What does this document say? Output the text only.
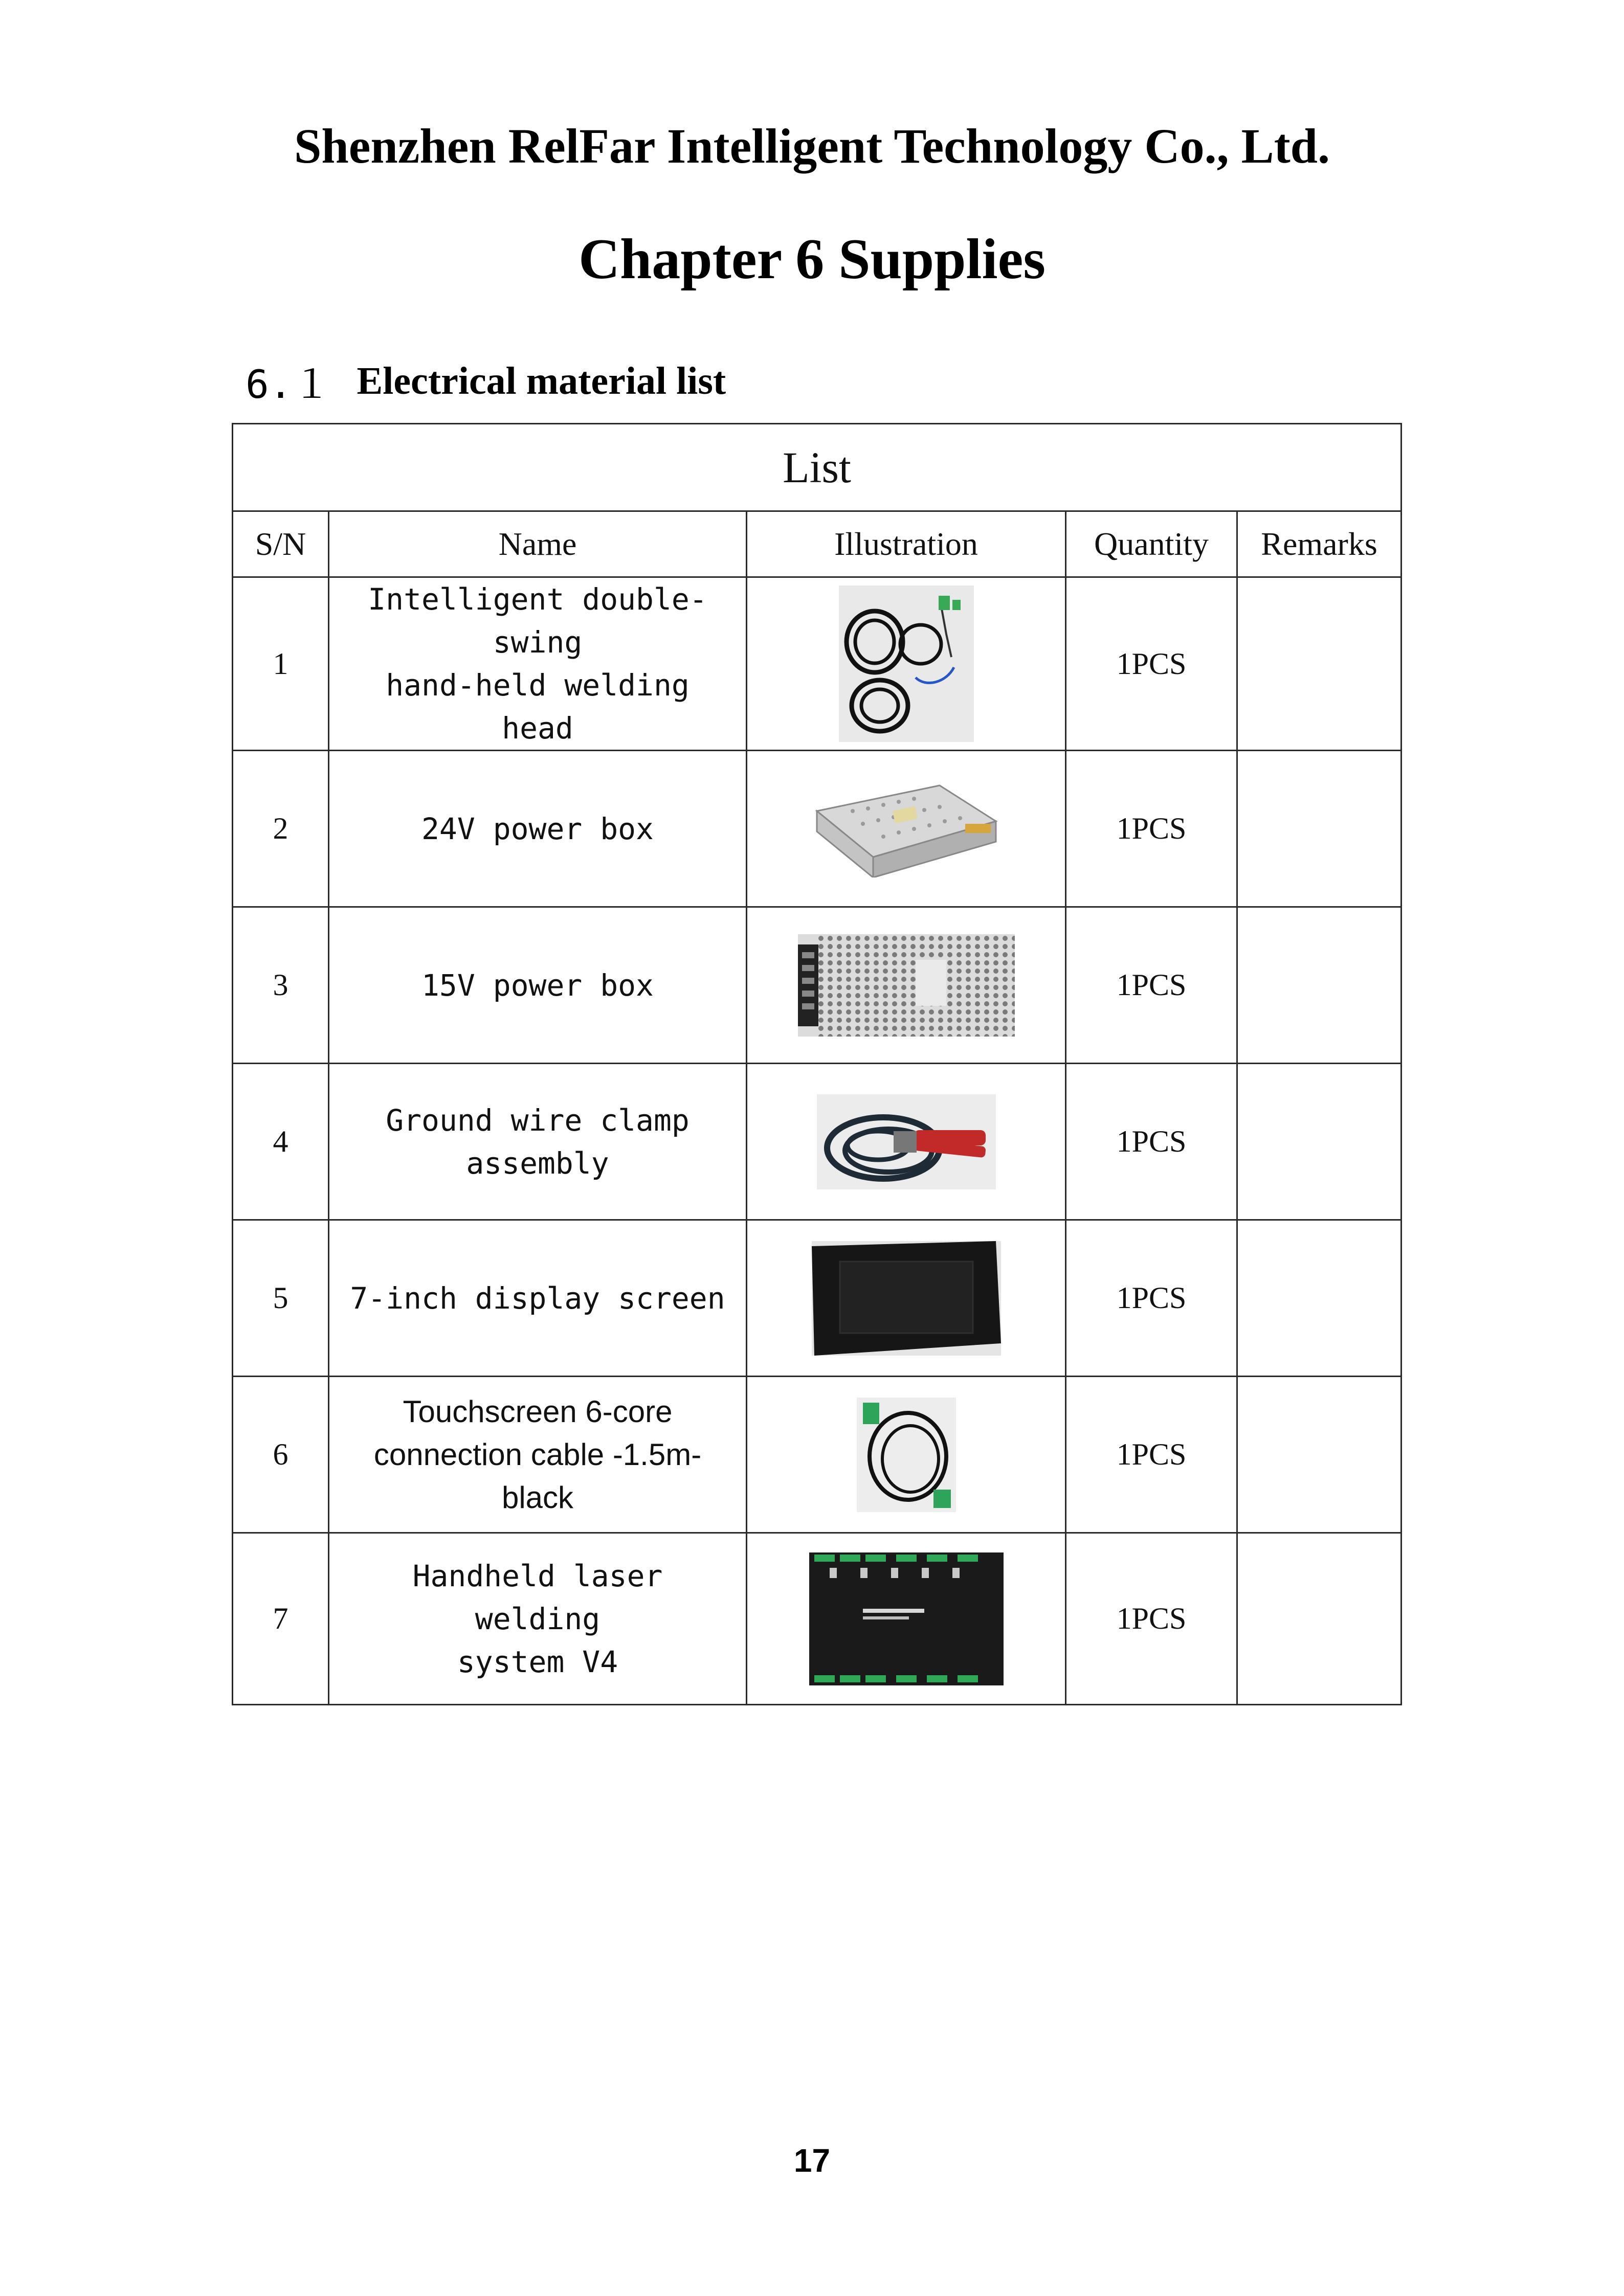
Shenzhen RelFar Intelligent Technology Co., Ltd.
Chapter 6 Supplies
6.１ Electrical material list
List				
S/N	Name	Illustration	Quantity	Remarks
1	Intelligent double-swing
hand-held welding head		1PCS	
2	24V power box		1PCS	
3	15V power box		1PCS	
4	Ground wire clamp
assembly		1PCS	
5	7-inch display screen		1PCS	
6	Touchscreen 6-core
connection cable -1.5m-
black		1PCS	
7	Handheld laser welding
system V4		1PCS	
17
